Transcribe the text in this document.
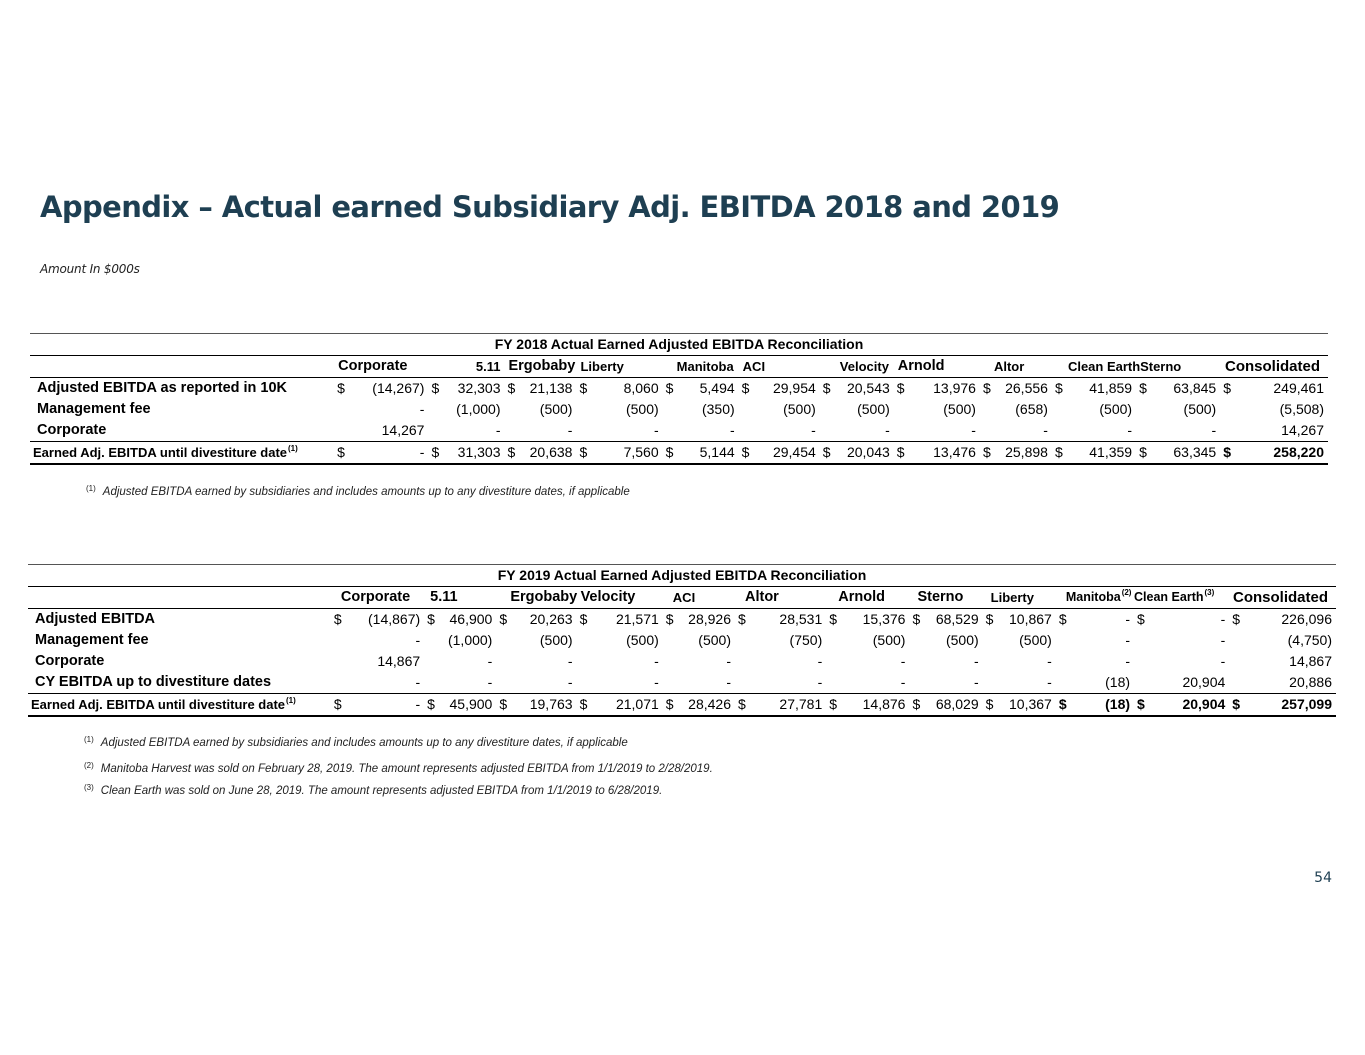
Appendix – Actual earned Subsidiary Adj. EBITDA 2018 and 2019
Amount In $000s
FY 2018 Actual Earned Adjusted EBITDA Reconciliation																								
	Corporate		5.11		Ergobaby		Liberty		Manitoba		ACI		Velocity		Arnold		Altor		Clean Earth		Sterno		Consolidated	
Adjusted EBITDA as reported in 10K	$	(14,267)	$	32,303	$	21,138	$	8,060	$	5,494	$	29,954	$	20,543	$	13,976	$	26,556	$	41,859	$	63,845	$	249,461
Management fee		-		(1,000)		(500)		(500)		(350)		(500)		(500)		(500)		(658)		(500)		(500)		(5,508)
Corporate		14,267		-		-		-		-		-		-		-		-		-		-		14,267
Earned Adj. EBITDA until divestiture date$^{(1)}$	$	-	$	31,303	$	20,638	$	7,560	$	5,144	$	29,454	$	20,043	$	13,476	$	25,898	$	41,359	$	63,345	$	258,220

$^{(1)}$ Adjusted EBITDA earned by subsidiaries and includes amounts up to any divestiture dates, if applicable

FY 2019 Actual Earned Adjusted EBITDA Reconciliation																								
	Corporate		5.11		Ergobaby		Velocity		ACI		Altor		Arnold		Sterno		Liberty		Manitoba$^{(2)}$		Clean Earth$^{(3)}$		Consolidated	
Adjusted EBITDA	$	(14,867)	$	46,900	$	20,263	$	21,571	$	28,926	$	28,531	$	15,376	$	68,529	$	10,867	$	-	$	-	$	226,096
Management fee		-		(1,000)		(500)		(500)		(500)		(750)		(500)		(500)		(500)		-		-		(4,750)
Corporate		14,867		-		-		-		-		-		-		-		-		-		-		14,867
CY EBITDA up to divestiture dates		-		-		-		-		-		-		-		-		-		(18)		20,904		20,886
Earned Adj. EBITDA until divestiture date$^{(1)}$	$	-	$	45,900	$	19,763	$	21,071	$	28,426	$	27,781	$	14,876	$	68,029	$	10,367	$	(18)	$	20,904	$	257,099

$^{(1)}$ Adjusted EBITDA earned by subsidiaries and includes amounts up to any divestiture dates, if applicable

$^{(2)}$ Manitoba Harvest was sold on February 28, 2019. The amount represents adjusted EBITDA from 1/1/2019 to 2/28/2019.

$^{(3)}$ Clean Earth was sold on June 28, 2019. The amount represents adjusted EBITDA from 1/1/2019 to 6/28/2019.

54
